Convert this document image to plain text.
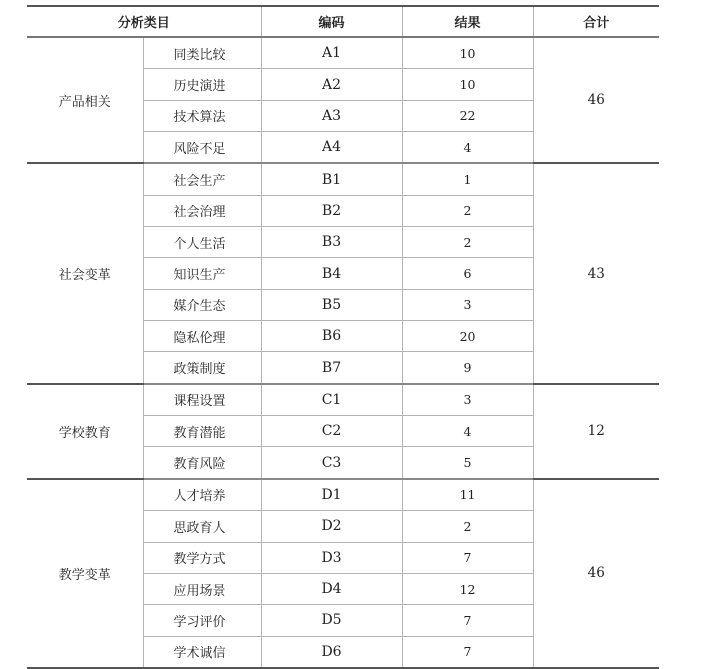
分析类目		编码	结果	合计
产品相关	同类比较	A1	10	46
	历史演进	A2	10	
	技术算法	A3	22	
	风险不足	A4	4	
社会变革	社会生产	B1	1	43
	社会治理	B2	2	
	个人生活	B3	2	
	知识生产	B4	6	
	媒介生态	B5	3	
	隐私伦理	B6	20	
	政策制度	B7	9	
学校教育	课程设置	C1	3	12
	教育潜能	C2	4	
	教育风险	C3	5	
教学变革	人才培养	D1	11	46
	思政育人	D2	2	
	教学方式	D3	7	
	应用场景	D4	12	
	学习评价	D5	7	
	学术诚信	D6	7	
